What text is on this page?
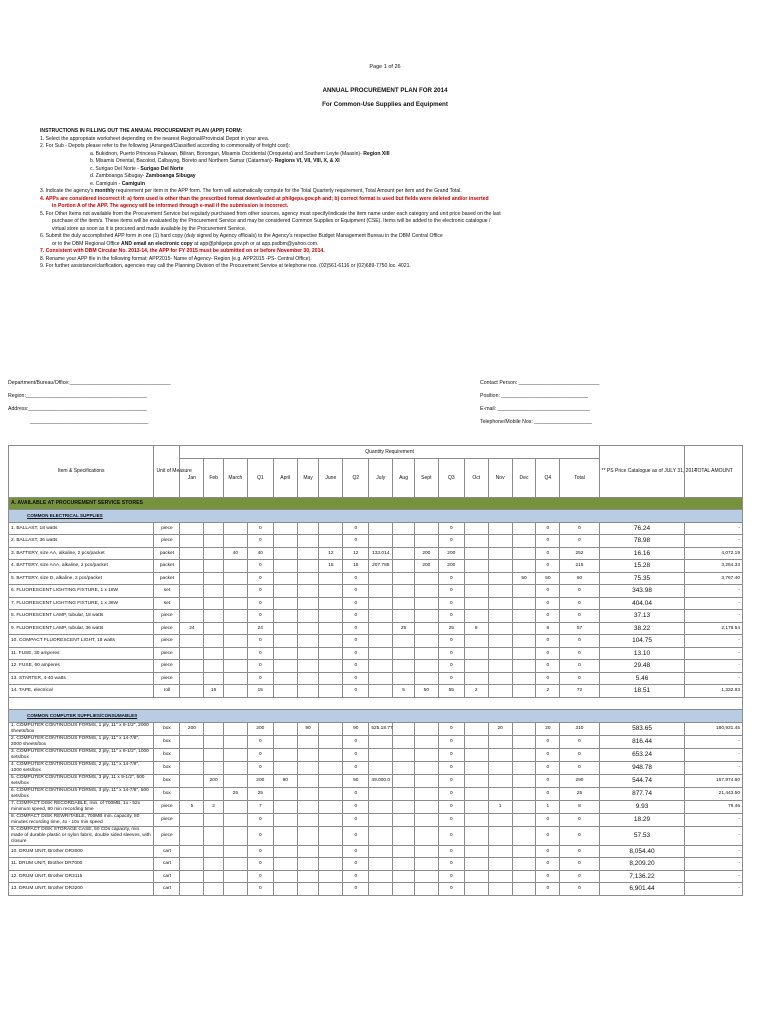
Page 1 of 26
ANNUAL PROCUREMENT PLAN FOR 2014
For Common-Use Supplies and Equipment
INSTRUCTIONS IN FILLING OUT THE ANNUAL PROCUREMENT PLAN (APP) FORM:
1. Select the appropriate worksheet depending on the nearest Regional/Provincial Depot in your area.
2. For Sub - Depots please refer to the following (Arranged/Classified according to commonality of freight cost):
a. Bukidnon, Puerto Princesa Palawan, Biliran, Borongan, Misamis Occidental (Oroquieta) and Southern Leyte (Maasin)- Region XIII
b. Misamis Oriental, Bacolod, Calbayog, Boreto and Northern Samar (Catarman)- Regions VI, VII, VIII, X, & XI
c. Surigao Del Norte - Surigao Del Norte
d. Zamboanga Sibugay- Zamboanga Sibugay
e. Camiguin - Camiguin
3. Indicate the agency's monthly requirement per item in the APP form. The form will automatically compute for the Total Quarterly requirement, Total Amount per item and the Grand Total.
4. APPs are considered incorrect if: a) form used is other than the prescribed format downloaded at philgeps.gov.ph and; b) correct format is used but fields were deleted and/or inserted
in Portion A of the APP. The agency will be informed through e-mail if the submission is incorrect.
5. For Other Items not available from the Procurement Service but regularly purchased from other sources, agency must specify/indicate the item name under each category and unit price based on the last
purchase of the item/s. These items will be evaluated by the Procurement Service and may be considered Common Supplies or Equipment (CSE). Items will be added to the electronic catalogue /
virtual store as soon as it is procured and made available by the Procurement Service.
6. Submit the duly accomplished APP form in one (1) hard copy (duly signed by Agency officials) to the Agency's respective Budget Management Bureau in the DBM Central Office
or to the DBM Regional Office AND email an electronic copy at app@philgeps.gov.ph or at app.psdbm@yahoo.com.
7. Consistent with DBM Circular No. 2013-14, the APP for FY 2015 must be submitted on or before November 30, 2014.
8. Rename your APP file in the following format: APP2015- Name of Agency- Region (e.g. APP2015 -PS- Central Office).
9. For further assistance/clarification, agencies may call the Planning Division of the Procurement Service at telephone nos. (02)561-6116 or (02)689-7750 loc. 4021.
Department/Bureau/Office:___________________________________
Region:__________________________________________
Address:_________________________________________
_________________________________________
Contact Person: ____________________________
Position: ______________________________
E-mail: ________________________________
Telephone/Mobile Nos: ____________________
Item & Specifications	Unit of Measure	Quantity Requirement																	** PS Price Catalogue as of JULY 31, 2014	TOTAL AMOUNT
		Jan	Feb	March	Q1	April	May	June	Q2	July	Aug	Sept	Q3	Oct	Nov	Dec	Q4	Total		
A. AVAILABLE AT PROCUREMENT SERVICE STORES																				
COMMON ELECTRICAL SUPPLIES																				
1. BALLAST, 18 watts	piece				0				0				0				0	0	76.24	-
2. BALLAST, 36 watts	piece				0				0				0				0	0	78.98	-
3. BATTERY, size AA, alkaline, 2 pcs/packet	packet			40	40			12	12	133.014		200	200				0	252	16.16	4,072.19
4. BATTERY, size AAA, alkaline, 2 pcs/packet	packet				0			15	15	207.785		200	200				0	215	15.28	3,264.33
5. BATTERY, size D, alkaline, 2 pcs/packet	packet				0				0				0			50	50	50	75.35	3,767.40
6. FLUORESCENT LIGHTING FIXTURE, 1 x 18W	set				0				0				0				0	0	343.98	-
7. FLUORESCENT LIGHTING FIXTURE, 1 x 36W	set				0				0				0				0	0	404.04	-
8. FLUORESCENT LAMP, tubular, 18 watts	piece				0				0				0				0	0	37.13	-
9. FLUORESCENT LAMP, tubular, 36 watts	piece	24			24				0		25		25	8			8	57	38.22	2,178.54
10. COMPACT FLUORESCENT LIGHT, 18 watts	piece				0				0				0				0	0	104.75	-
11. FUSE, 30 amperes	piece				0				0				0				0	0	13.10	-
12. FUSE, 60 amperes	piece				0				0				0				0	0	29.48	-
13. STARTER, 4-40 watts	piece				0				0				0				0	0	5.46	-
14. TAPE, electrical	roll		15		15				0		5	50	55	2			2	72	18.51	1,332.83

COMMON COMPUTER SUPPLIES/CONSUMABLES																				
1. COMPUTER CONTINUOUS FORMS, 1 ply, 11" x 9-1/2", 2000 sheets/box	box	200			200		90		90	525.18.77			0		20		20	310	583.65	180,931.45
2. COMPUTER CONTINUOUS FORMS, 1 ply, 11" x 14-7/8", 2000 sheets/box	box				0				0				0				0	0	816.44	-
3. COMPUTER CONTINUOUS FORMS, 2 ply, 11" x 9-1/2", 1000 sets/box	box				0				0				0				0	0	653.24	-
4. COMPUTER CONTINUOUS FORMS, 2 ply, 11" x 14-7/8", 1000 sets/box	box				0				0				0				0	0	948.78	-
5. COMPUTER CONTINUOUS FORMS, 3 ply, 11 x 9-1/2", 500 sets/box	box		200		200	90			90	49.000.0			0				0	290	544.74	157,974.60
6. COMPUTER CONTINUOUS FORMS, 3 ply, 11" x 14-7/8", 500 sets/box	box			25	25				0				0				0	25	877.74	21,443.50
7. COMPACT DISK RECORDABLE, min. of 700MB, 1x - 52x minimum speed, 80 min recording time	piece	5	2		7				0				0		1		1	8	9.93	79.46
8. COMPACT DISK REWRITABLE, 700MB min. capacity, 80 minutes recording time, 4x - 10x min speed	piece				0				0				0				0	0	18.29	-
9. COMPACT DISK STORAGE CASE, 50 CDs capacity, min. made of durable plastic or nylon fabric, double sided sleeves, with closure	piece				0				0				0				0	0	57.53	-
10. DRUM UNIT, Brother DR3000	cart				0				0				0				0	0	8,054.40	-
11. DRUM UNIT, Brother DR7000	cart				0				0				0				0	0	8,209.20	-
12. DRUM UNIT, Brother DR3115	cart				0				0				0				0	0	7,136.22	-
13. DRUM UNIT, Brother DR3200	cart				0				0				0				0	0	6,901.44	-
